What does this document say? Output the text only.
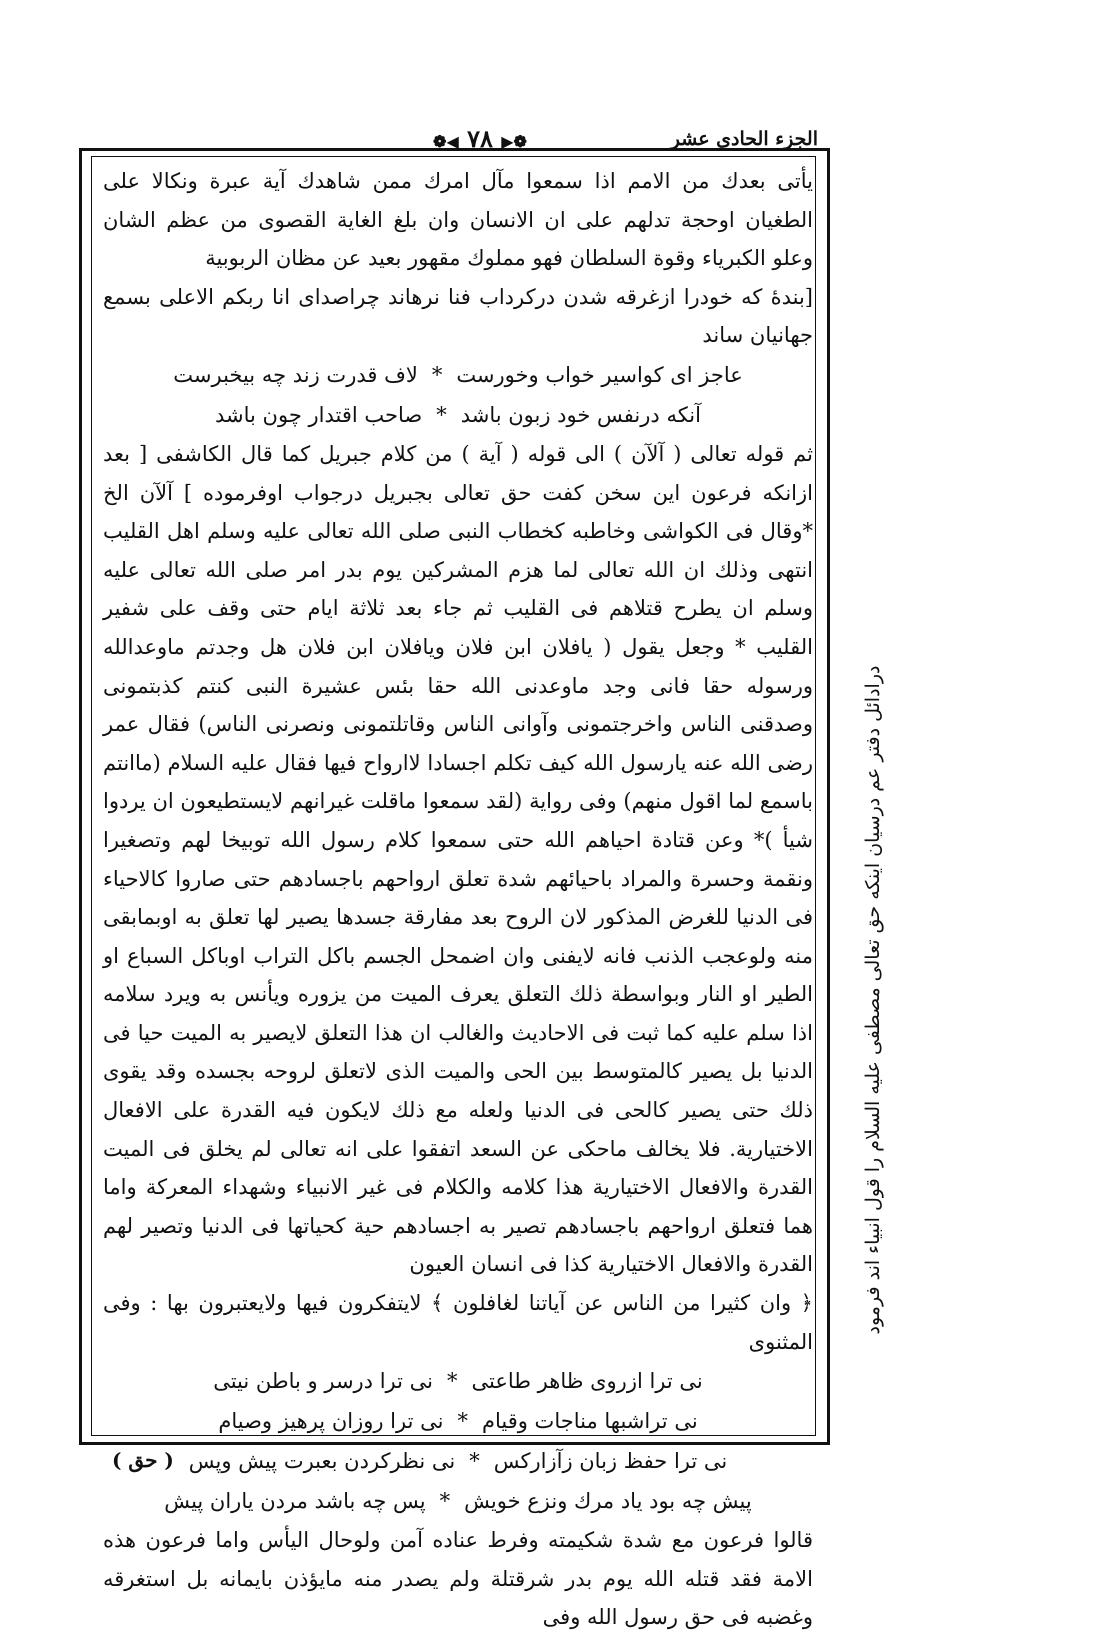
الجزء الحادى عشر
❁▶ ٧٨ ◀❁

يأتى بعدك من الامم اذا سمعوا مآل امرك ممن شاهدك آية عبرة ونكالا على الطغيان اوحجة تدلهم على ان الانسان وان بلغ الغاية القصوى من عظم الشان وعلو الكبرياء وقوة السلطان فهو مملوك مقهور بعيد عن مظان الربوبية

[بندهٔ كه خودرا ازغرقه شدن دركرداب فنا نرهاند چراصداى انا ربكم الاعلى بسمع جهانيان ساند

عاجز اى كواسير خواب وخورست
*
لاف قدرت زند چه بيخبرست
آنكه درنفس خود زبون باشد
*
صاحب اقتدار چون باشد

ثم قوله تعالى ( آلآن ) الى قوله ( آية ) من كلام جبريل كما قال الكاشفى [ بعد ازانكه فرعون اين سخن كفت حق تعالى بجبريل درجواب اوفرموده ] آلآن الخ *وقال فى الكواشى وخاطبه كخطاب النبى صلى الله تعالى عليه وسلم اهل القليب انتهى وذلك ان الله تعالى لما هزم المشركين يوم بدر امر صلى الله تعالى عليه وسلم ان يطرح قتلاهم فى القليب ثم جاء بعد ثلاثة ايام حتى وقف على شفير القليب * وجعل يقول ( يافلان ابن فلان ويافلان ابن فلان هل وجدتم ماوعدالله ورسوله حقا فانى وجد ماوعدنى الله حقا بئس عشيرة النبى كنتم كذبتمونى وصدقنى الناس واخرجتمونى وآوانى الناس وقاتلتمونى ونصرنى الناس) فقال عمر رضى الله عنه يارسول الله كيف تكلم اجسادا لاارواح فيها فقال عليه السلام (ماانتم باسمع لما اقول منهم) وفى رواية (لقد سمعوا ماقلت غيرانهم لايستطيعون ان يردوا شيأ )* وعن قتادة احياهم الله حتى سمعوا كلام رسول الله توبيخا لهم وتصغيرا ونقمة وحسرة والمراد باحيائهم شدة تعلق ارواحهم باجسادهم حتى صاروا كالاحياء فى الدنيا للغرض المذكور لان الروح بعد مفارقة جسدها يصير لها تعلق به اوبمابقى منه ولوعجب الذنب فانه لايفنى وان اضمحل الجسم باكل التراب اوباكل السباع او الطير او النار وبواسطة ذلك التعلق يعرف الميت من يزوره ويأنس به ويرد سلامه اذا سلم عليه كما ثبت فى الاحاديث والغالب ان هذا التعلق لايصير به الميت حيا فى الدنيا بل يصير كالمتوسط بين الحى والميت الذى لاتعلق لروحه بجسده وقد يقوى ذلك حتى يصير كالحى فى الدنيا ولعله مع ذلك لايكون فيه القدرة على الافعال الاختيارية. فلا يخالف ماحكى عن السعد اتفقوا على انه تعالى لم يخلق فى الميت القدرة والافعال الاختيارية هذا كلامه والكلام فى غير الانبياء وشهداء المعركة واما هما فتعلق ارواحهم باجسادهم تصير به اجسادهم حية كحياتها فى الدنيا وتصير لهم القدرة والافعال الاختيارية كذا فى انسان العيون

﴿ وان كثيرا من الناس عن آياتنا لغافلون ﴾ لايتفكرون فيها ولايعتبرون بها : وفى المثنوى

نى ترا ازروى ظاهر طاعتى
*
نى ترا درسر و باطن نيتى
نى تراشبها مناجات وقيام
*
نى ترا روزان پرهيز وصيام
نى ترا حفظ زبان زآزاركس
*
نى نظركردن بعبرت پيش وپس
پيش چه بود ياد مرك ونزع خويش
*
پس چه باشد مردن ياران پيش

قالوا فرعون مع شدة شكيمته وفرط عناده آمن ولوحال اليأس واما فرعون هذه الامة فقد قتله الله يوم بدر شرقتلة ولم يصدر منه مايؤذن بايمانه بل استغرقه وغضبه فى حق رسول الله وفى

درادائل دفتر عم درسيان اينكه حق تعالى مصطفى عليه السلام را قول انبياء اند فرمود
( حق )
